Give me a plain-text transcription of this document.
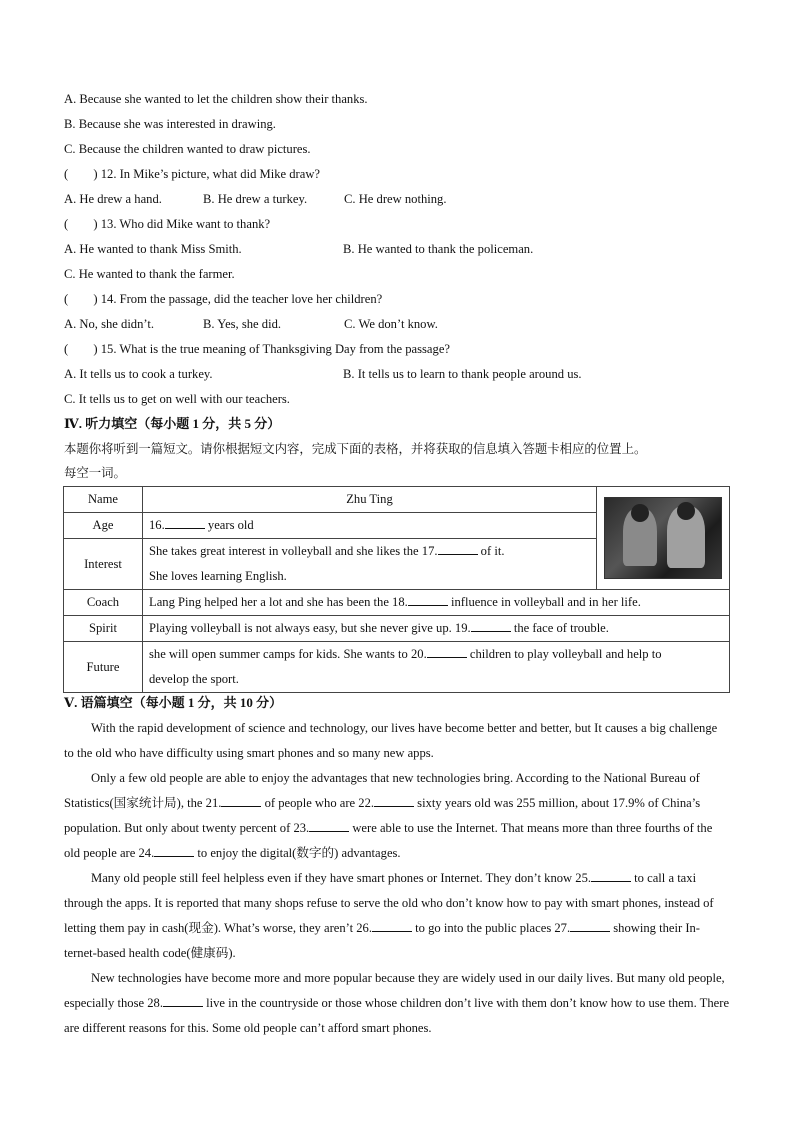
A. Because she wanted to let the children show their thanks.
B. Because she was interested in drawing.
C. Because the children wanted to draw pictures.
(　　) 12. In Mike’s picture, what did Mike draw?
A. He drew a hand.	B. He drew a turkey.	C. He drew nothing.
(　　) 13. Who did Mike want to thank?
A. He wanted to thank Miss Smith.	B. He wanted to thank the policeman.
C. He wanted to thank the farmer.
(　　) 14. From the passage, did the teacher love her children?
A. No, she didn’t.	B. Yes, she did.	C. We don’t know.
(　　) 15. What is the true meaning of Thanksgiving Day from the passage?
A. It tells us to cook a turkey.	B. It tells us to learn to thank people around us.
C. It tells us to get on well with our teachers.
Ⅳ. 听力填空（每小题 1 分，共 5 分）
本题你将听到一篇短文。请你根据短文内容，完成下面的表格，并将获取的信息填入答题卡相应的位置上。
每空一词。
Name	Zhu Ting	

Age	16. years old	
Interest	She takes great interest in volleyball and she likes the 17. of it.
She loves learning English.	

Coach	Lang Ping helped her a lot and she has been the 18. influence in volleyball and in her life.	
Spirit	Playing volleyball is not always easy, but she never give up. 19. the face of trouble.	
Future	she will open summer camps for kids. She wants to 20. children to play volleyball and help to
develop the sport.	
Ⅴ. 语篇填空（每小题 1 分，共 10 分）
With the rapid development of science and technology, our lives have become better and better, but It causes a big challenge to the old who have difficulty using smart phones and so many new apps.
Only a few old people are able to enjoy the advantages that new technologies bring. According to the National Bureau of Statistics(国家统计局), the 21.	of people who are 22.	sixty years old was 255 million, about 17.9% of China’s population. But only about twenty percent of 23.	were able to use the Internet. That means more than three fourths of the old people are 24.	to enjoy the digital(数字的) advantages.
Many old people still feel helpless even if they have smart phones or Internet. They don’t know 25.	to call a taxi through the apps. It is reported that many shops refuse to serve the old who don’t know how to pay with smart phones, instead of letting them pay in cash(现金). What’s worse, they aren’t 26.	to go into the public places 27.	showing their In-ternet-based health code(健康码).
New technologies have become more and more popular because they are widely used in our daily lives. But many old people, especially those 28.	live in the countryside or those whose children don’t live with them don’t know how to use them. There are different reasons for this. Some old people can’t afford smart phones.
